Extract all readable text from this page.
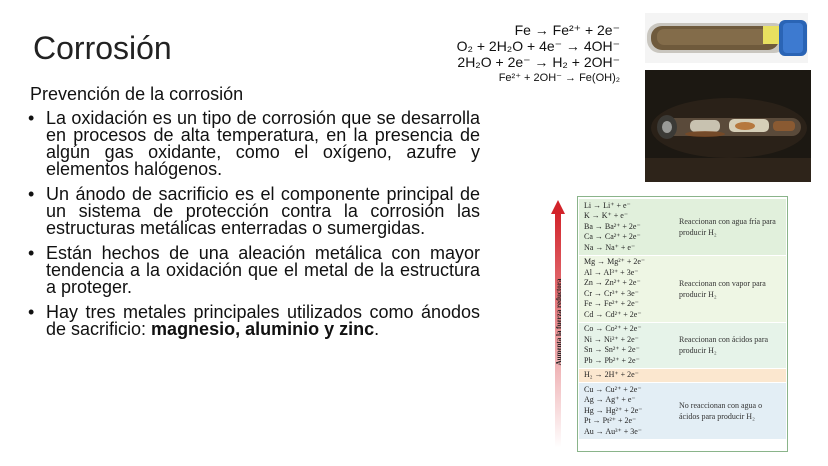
Corrosión
Prevención de la corrosión
• La oxidación es un tipo de corrosión que se desarrolla en procesos de alta temperatura, en la presencia de algún gas oxidante, como el oxígeno, azufre y elementos halógenos.
• Un ánodo de sacrificio es el componente principal de un sistema de protección contra la corrosión las estructuras metálicas enterradas o sumergidas.
• Están hechos de una aleación metálica con mayor tendencia a la oxidación que el metal de la estructura a proteger.
• Hay tres metales principales utilizados como ánodos de sacrificio: magnesio, aluminio y zinc.
Fe → Fe²⁺ + 2e⁻
O₂ + 2H₂O + 4e⁻ → 4OH⁻
2H₂O + 2e⁻ → H₂ + 2OH⁻
Fe²⁺ + 2OH⁻ → Fe(OH)₂
Aumenta la fuerza reductora
Li → Li⁺ + e⁻
K → K⁺ + e⁻
Ba → Ba²⁺ + 2e⁻
Ca → Ca²⁺ + 2e⁻
Na → Na⁺ + e⁻
Reaccionan con agua fría para producir H₂
Mg → Mg²⁺ + 2e⁻
Al → Al³⁺ + 3e⁻
Zn → Zn²⁺ + 2e⁻
Cr → Cr³⁺ + 3e⁻
Fe → Fe²⁺ + 2e⁻
Cd → Cd²⁺ + 2e⁻
Reaccionan con vapor para producir H₂
Co → Co²⁺ + 2e⁻
Ni → Ni²⁺ + 2e⁻
Sn → Sn²⁺ + 2e⁻
Pb → Pb²⁺ + 2e⁻
Reaccionan con ácidos para producir H₂
H₂ → 2H⁺ + 2e⁻
Cu → Cu²⁺ + 2e⁻
Ag → Ag⁺ + e⁻
Hg → Hg²⁺ + 2e⁻
Pt → Pt²⁺ + 2e⁻
Au → Au³⁺ + 3e⁻
No reaccionan con agua o ácidos para producir H₂
